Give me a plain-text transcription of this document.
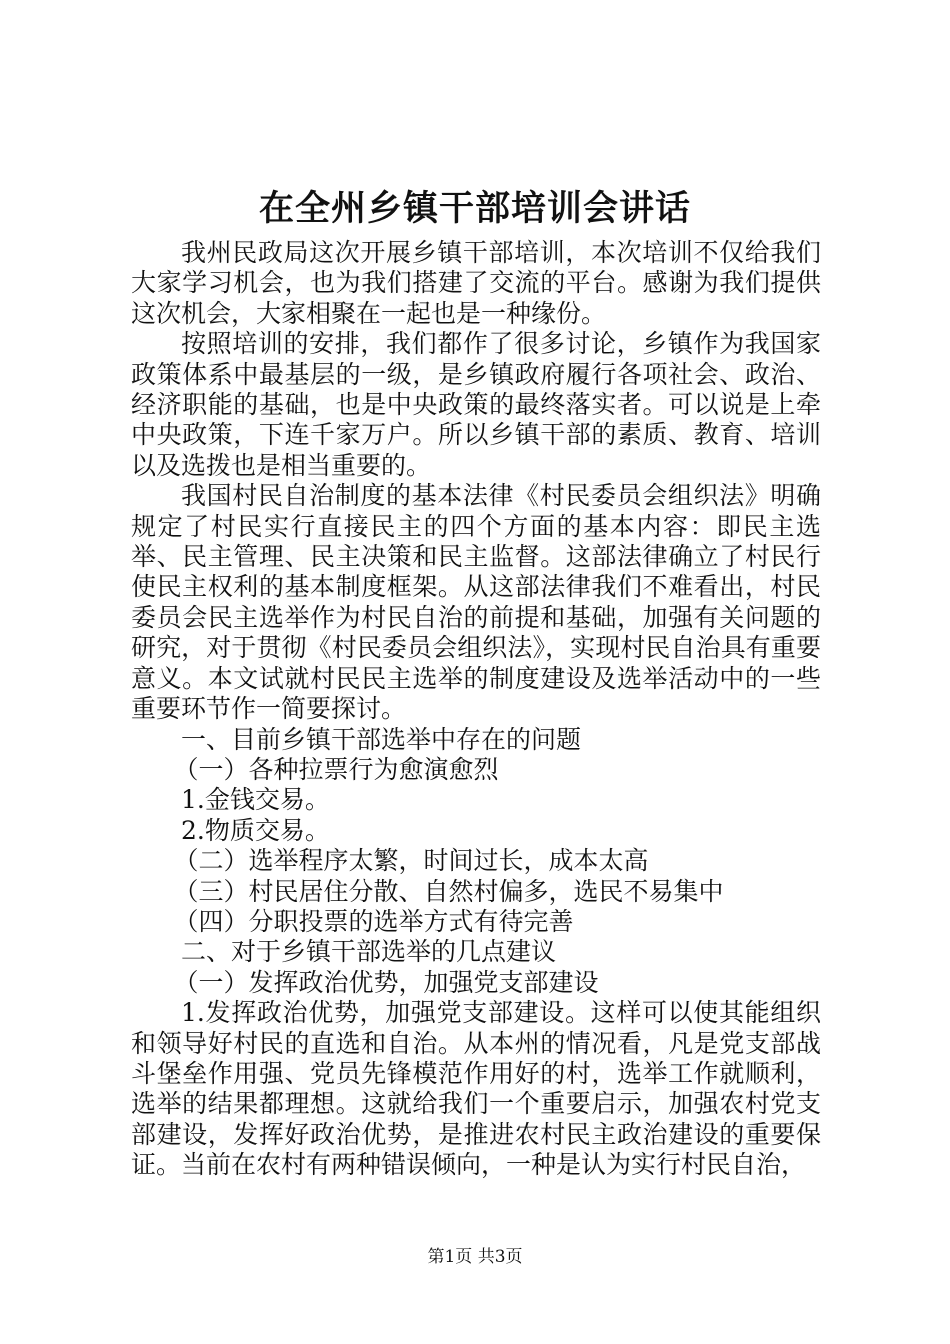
在全州乡镇干部培训会讲话

我州民政局这次开展乡镇干部培训，本次培训不仅给我们大家学习机会，也为我们搭建了交流的平台。感谢为我们提供这次机会，大家相聚在一起也是一种缘份。

按照培训的安排，我们都作了很多讨论，乡镇作为我国家政策体系中最基层的一级，是乡镇政府履行各项社会、政治、经济职能的基础，也是中央政策的最终落实者。可以说是上牵中央政策，下连千家万户。所以乡镇干部的素质、教育、培训以及选拨也是相当重要的。

我国村民自治制度的基本法律《村民委员会组织法》明确规定了村民实行直接民主的四个方面的基本内容：即民主选举、民主管理、民主决策和民主监督。这部法律确立了村民行使民主权利的基本制度框架。从这部法律我们不难看出，村民委员会民主选举作为村民自治的前提和基础，加强有关问题的研究，对于贯彻《村民委员会组织法》，实现村民自治具有重要意义。本文试就村民民主选举的制度建设及选举活动中的一些重要环节作一简要探讨。

一、目前乡镇干部选举中存在的问题

（一）各种拉票行为愈演愈烈

1.金钱交易。

2.物质交易。

（二）选举程序太繁，时间过长，成本太高

（三）村民居住分散、自然村偏多，选民不易集中

（四）分职投票的选举方式有待完善

二、对于乡镇干部选举的几点建议

（一）发挥政治优势，加强党支部建设

1.发挥政治优势，加强党支部建设。这样可以使其能组织和领导好村民的直选和自治。从本州的情况看，凡是党支部战斗堡垒作用强、党员先锋模范作用好的村，选举工作就顺利，选举的结果都理想。这就给我们一个重要启示，加强农村党支部建设，发挥好政治优势，是推进农村民主政治建设的重要保证。当前在农村有两种错误倾向，一种是认为实行村民自治，

第1页 共3页
